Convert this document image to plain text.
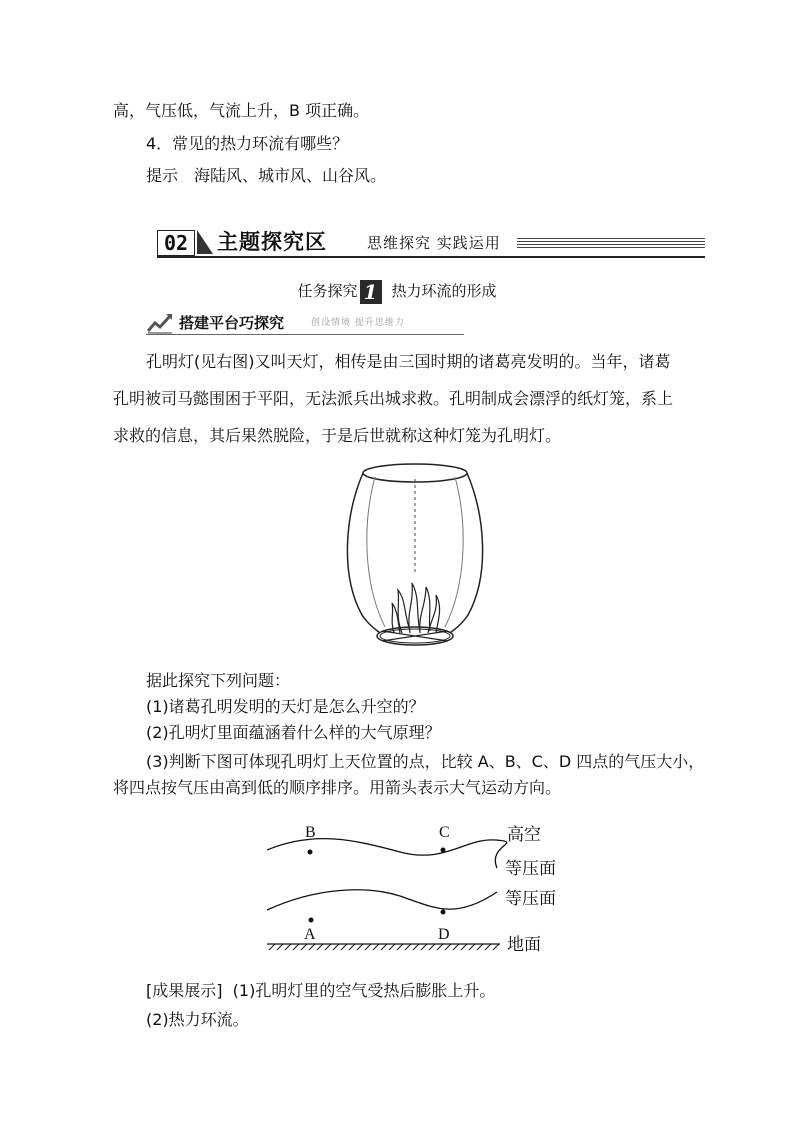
高，气压低，气流上升，B 项正确。
4．常见的热力环流有哪些？
提示　海陆风、城市风、山谷风。
02	主题探究区	思维探究 实践运用
任务探究 1 热力环流的形成
搭建平台巧探究	创设情境 提升思维力
孔明灯(见右图)又叫天灯，相传是由三国时期的诸葛亮发明的。当年，诸葛孔明被司马懿围困于平阳，无法派兵出城求救。孔明制成会漂浮的纸灯笼，系上求救的信息，其后果然脱险，于是后世就称这种灯笼为孔明灯。
据此探究下列问题：
(1)诸葛孔明发明的天灯是怎么升空的？
(2)孔明灯里面蕴涵着什么样的大气原理？
(3)判断下图可体现孔明灯上天位置的点，比较 A、B、C、D 四点的气压大小，
将四点按气压由高到低的顺序排序。用箭头表示大气运动方向。
B	C
A	D
高空
等压面
等压面
地面
[成果展示] (1)孔明灯里的空气受热后膨胀上升。
(2)热力环流。
